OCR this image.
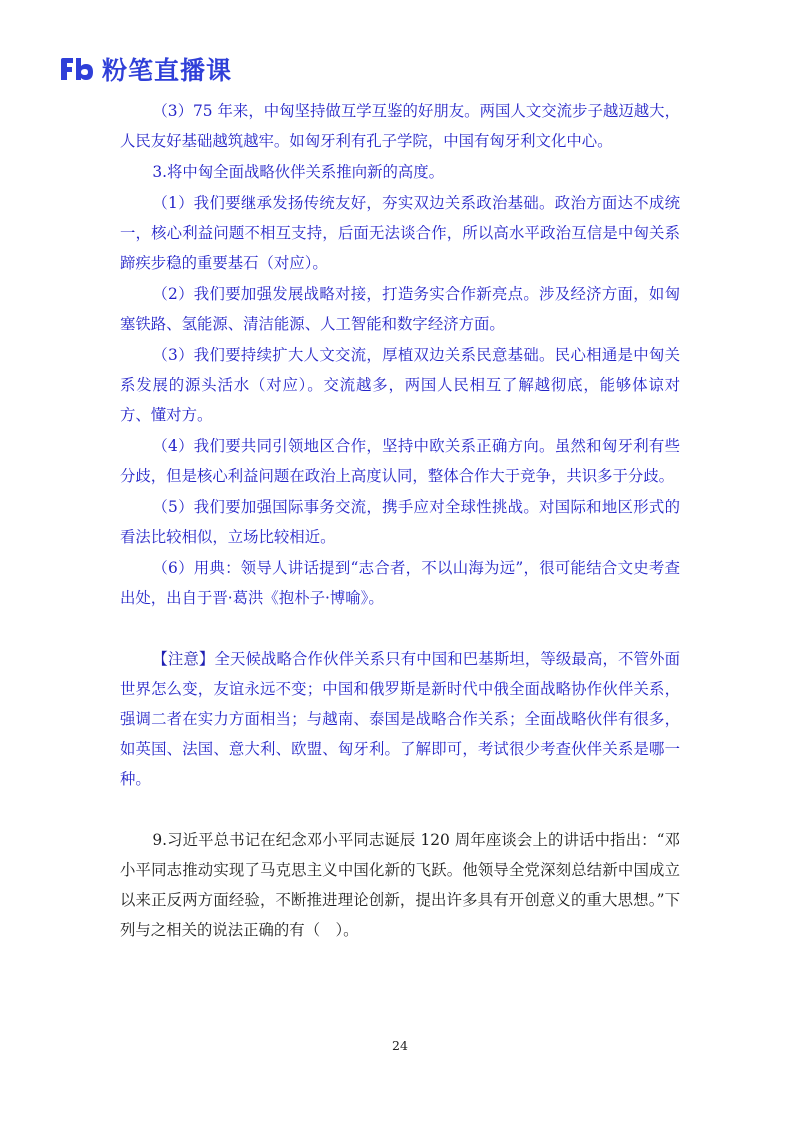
粉笔直播课

（3）75 年来，中匈坚持做互学互鉴的好朋友。两国人文交流步子越迈越大，人民友好基础越筑越牢。如匈牙利有孔子学院，中国有匈牙利文化中心。

3.将中匈全面战略伙伴关系推向新的高度。

（1）我们要继承发扬传统友好，夯实双边关系政治基础。政治方面达不成统一，核心利益问题不相互支持，后面无法谈合作，所以高水平政治互信是中匈关系蹄疾步稳的重要基石（对应）。

（2）我们要加强发展战略对接，打造务实合作新亮点。涉及经济方面，如匈塞铁路、氢能源、清洁能源、人工智能和数字经济方面。

（3）我们要持续扩大人文交流，厚植双边关系民意基础。民心相通是中匈关系发展的源头活水（对应）。交流越多，两国人民相互了解越彻底，能够体谅对方、懂对方。

（4）我们要共同引领地区合作，坚持中欧关系正确方向。虽然和匈牙利有些分歧，但是核心利益问题在政治上高度认同，整体合作大于竞争，共识多于分歧。

（5）我们要加强国际事务交流，携手应对全球性挑战。对国际和地区形式的看法比较相似，立场比较相近。

（6）用典：领导人讲话提到“志合者，不以山海为远”，很可能结合文史考查出处，出自于晋·葛洪《抱朴子·博喻》。

【注意】全天候战略合作伙伴关系只有中国和巴基斯坦，等级最高，不管外面世界怎么变，友谊永远不变；中国和俄罗斯是新时代中俄全面战略协作伙伴关系，强调二者在实力方面相当；与越南、泰国是战略合作关系；全面战略伙伴有很多，如英国、法国、意大利、欧盟、匈牙利。了解即可，考试很少考查伙伴关系是哪一种。

9.习近平总书记在纪念邓小平同志诞辰 120 周年座谈会上的讲话中指出：“邓小平同志推动实现了马克思主义中国化新的飞跃。他领导全党深刻总结新中国成立以来正反两方面经验，不断推进理论创新，提出许多具有开创意义的重大思想。”下列与之相关的说法正确的有（　）。

24
